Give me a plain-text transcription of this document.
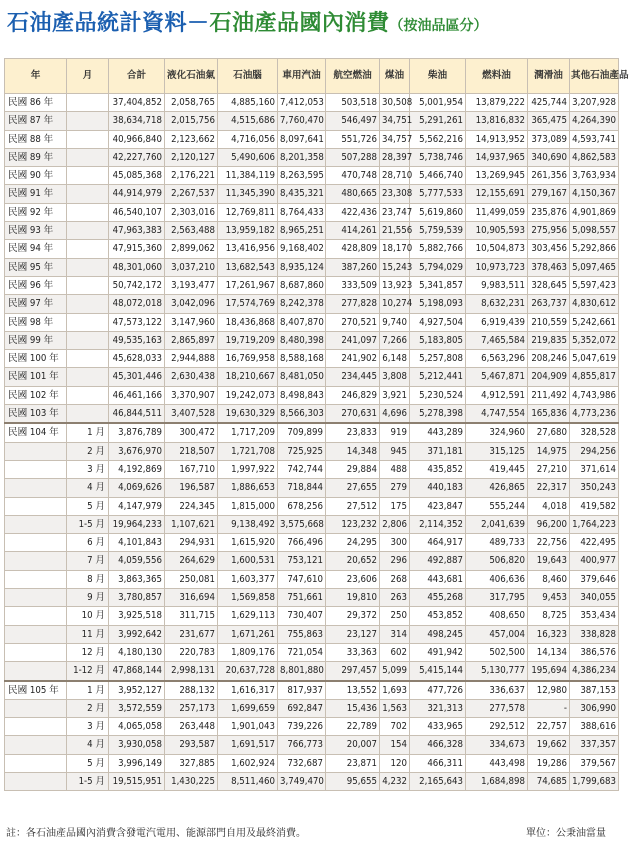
石油產品統計資料－石油產品國內消費（按油品區分）
年	月	合計	液化石油氣	石油腦	車用汽油	航空燃油	煤油	柴油	燃料油	潤滑油	其他石油產品
民國 86 年		37,404,852	2,058,765	4,885,160	7,412,053	503,518	30,508	5,001,954	13,879,222	425,744	3,207,928
民國 87 年		38,634,718	2,015,756	4,515,686	7,760,470	546,497	34,751	5,291,261	13,816,832	365,475	4,264,390
民國 88 年		40,966,840	2,123,662	4,716,056	8,097,641	551,726	34,757	5,562,216	14,913,952	373,089	4,593,741
民國 89 年		42,227,760	2,120,127	5,490,606	8,201,358	507,288	28,397	5,738,746	14,937,965	340,690	4,862,583
民國 90 年		45,085,368	2,176,221	11,384,119	8,263,595	470,748	28,710	5,466,740	13,269,945	261,356	3,763,934
民國 91 年		44,914,979	2,267,537	11,345,390	8,435,321	480,665	23,308	5,777,533	12,155,691	279,167	4,150,367
民國 92 年		46,540,107	2,303,016	12,769,811	8,764,433	422,436	23,747	5,619,860	11,499,059	235,876	4,901,869
民國 93 年		47,963,383	2,563,488	13,959,182	8,965,251	414,261	21,556	5,759,539	10,905,593	275,956	5,098,557
民國 94 年		47,915,360	2,899,062	13,416,956	9,168,402	428,809	18,170	5,882,766	10,504,873	303,456	5,292,866
民國 95 年		48,301,060	3,037,210	13,682,543	8,935,124	387,260	15,243	5,794,029	10,973,723	378,463	5,097,465
民國 96 年		50,742,172	3,193,477	17,261,967	8,687,860	333,509	13,923	5,341,857	9,983,511	328,645	5,597,423
民國 97 年		48,072,018	3,042,096	17,574,769	8,242,378	277,828	10,274	5,198,093	8,632,231	263,737	4,830,612
民國 98 年		47,573,122	3,147,960	18,436,868	8,407,870	270,521	9,740	4,927,504	6,919,439	210,559	5,242,661
民國 99 年		49,535,163	2,865,897	19,719,209	8,480,398	241,097	7,266	5,183,805	7,465,584	219,835	5,352,072
民國 100 年		45,628,033	2,944,888	16,769,958	8,588,168	241,902	6,148	5,257,808	6,563,296	208,246	5,047,619
民國 101 年		45,301,446	2,630,438	18,210,667	8,481,050	234,445	3,808	5,212,441	5,467,871	204,909	4,855,817
民國 102 年		46,461,166	3,370,907	19,242,073	8,498,843	246,829	3,921	5,230,524	4,912,591	211,492	4,743,986
民國 103 年		46,844,511	3,407,528	19,630,329	8,566,303	270,631	4,696	5,278,398	4,747,554	165,836	4,773,236
民國 104 年	1 月	3,876,789	300,472	1,717,209	709,899	23,833	919	443,289	324,960	27,680	328,528
	2 月	3,676,970	218,507	1,721,708	725,925	14,348	945	371,181	315,125	14,975	294,256
	3 月	4,192,869	167,710	1,997,922	742,744	29,884	488	435,852	419,445	27,210	371,614
	4 月	4,069,626	196,587	1,886,653	718,844	27,655	279	440,183	426,865	22,317	350,243
	5 月	4,147,979	224,345	1,815,000	678,256	27,512	175	423,847	555,244	4,018	419,582
	1-5 月	19,964,233	1,107,621	9,138,492	3,575,668	123,232	2,806	2,114,352	2,041,639	96,200	1,764,223
	6 月	4,101,843	294,931	1,615,920	766,496	24,295	300	464,917	489,733	22,756	422,495
	7 月	4,059,556	264,629	1,600,531	753,121	20,652	296	492,887	506,820	19,643	400,977
	8 月	3,863,365	250,081	1,603,377	747,610	23,606	268	443,681	406,636	8,460	379,646
	9 月	3,780,857	316,694	1,569,858	751,661	19,810	263	455,268	317,795	9,453	340,055
	10 月	3,925,518	311,715	1,629,113	730,407	29,372	250	453,852	408,650	8,725	353,434
	11 月	3,992,642	231,677	1,671,261	755,863	23,127	314	498,245	457,004	16,323	338,828
	12 月	4,180,130	220,783	1,809,176	721,054	33,363	602	491,942	502,500	14,134	386,576
	1-12 月	47,868,144	2,998,131	20,637,728	8,801,880	297,457	5,099	5,415,144	5,130,777	195,694	4,386,234
民國 105 年	1 月	3,952,127	288,132	1,616,317	817,937	13,552	1,693	477,726	336,637	12,980	387,153
	2 月	3,572,559	257,173	1,699,659	692,847	15,436	1,563	321,313	277,578	-	306,990
	3 月	4,065,058	263,448	1,901,043	739,226	22,789	702	433,965	292,512	22,757	388,616
	4 月	3,930,058	293,587	1,691,517	766,773	20,007	154	466,328	334,673	19,662	337,357
	5 月	3,996,149	327,885	1,602,924	732,687	23,871	120	466,311	443,498	19,286	379,567
	1-5 月	19,515,951	1,430,225	8,511,460	3,749,470	95,655	4,232	2,165,643	1,684,898	74,685	1,799,683
註：各石油產品國內消費含發電汽電用、能源部門自用及最終消費。	單位：公秉油當量
